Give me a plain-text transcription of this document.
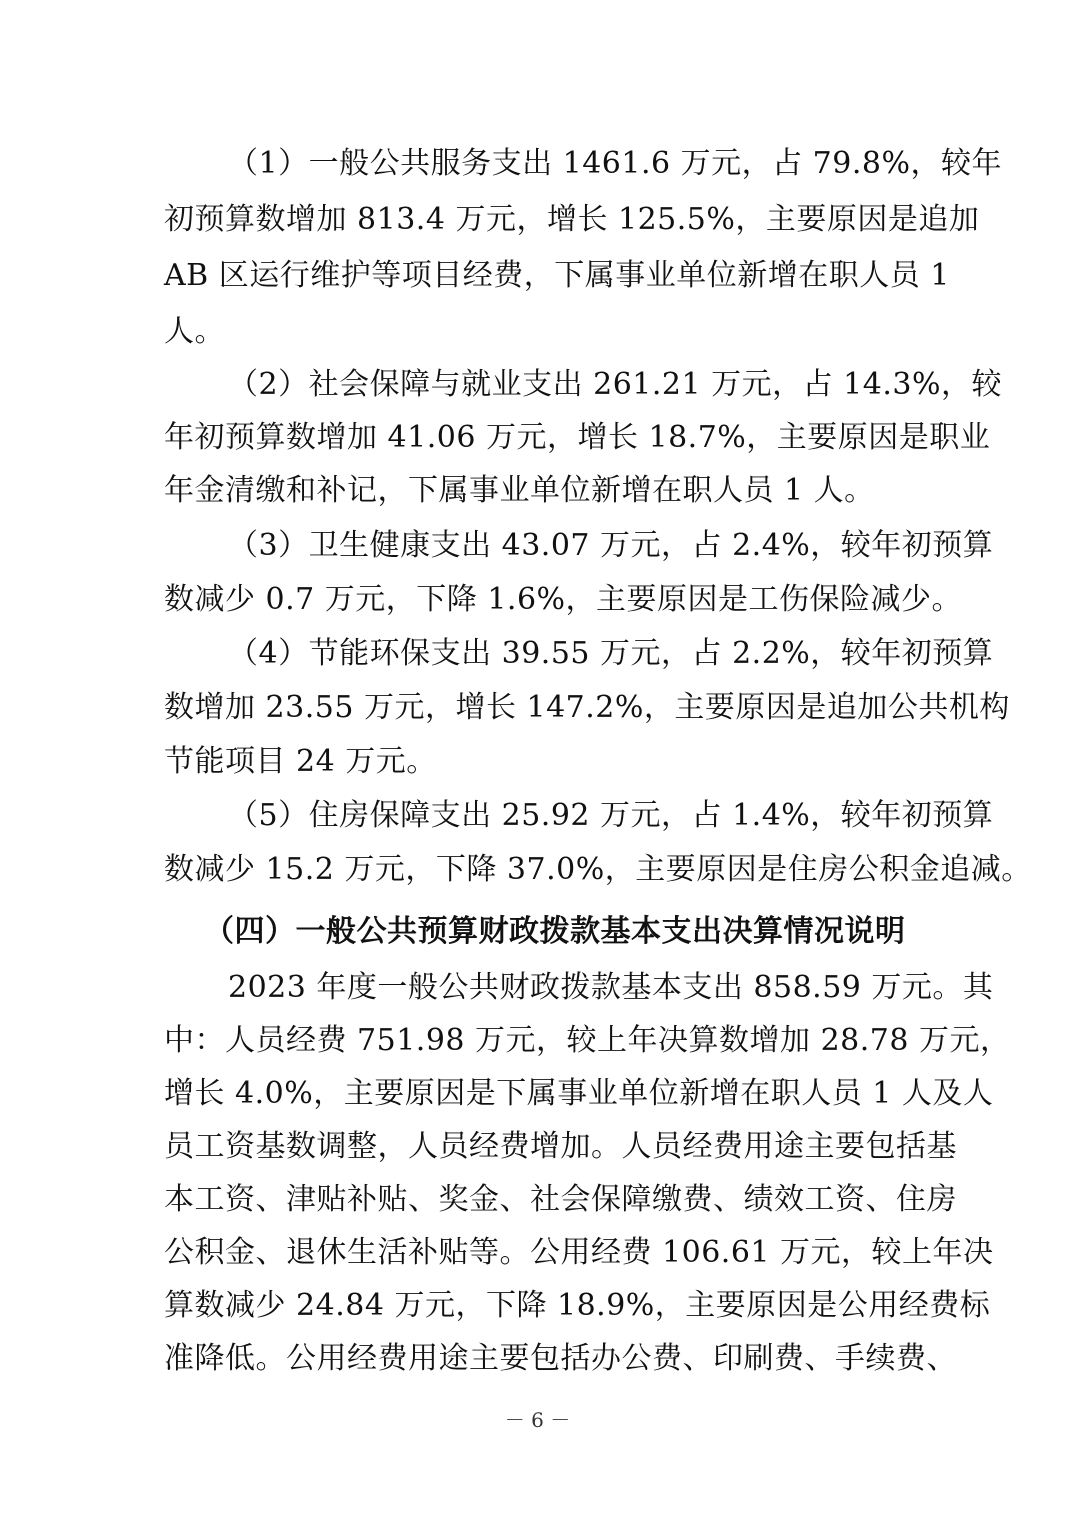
（1）一般公共服务支出 1461.6 万元，占 79.8%，较年
初预算数增加 813.4 万元，增长 125.5%，主要原因是追加
AB 区运行维护等项目经费，下属事业单位新增在职人员 1
人。
（2）社会保障与就业支出 261.21 万元，占 14.3%，较
年初预算数增加 41.06 万元，增长 18.7%，主要原因是职业
年金清缴和补记，下属事业单位新增在职人员 1 人。
（3）卫生健康支出 43.07 万元，占 2.4%，较年初预算
数减少 0.7 万元，下降 1.6%，主要原因是工伤保险减少。
（4）节能环保支出 39.55 万元，占 2.2%，较年初预算
数增加 23.55 万元，增长 147.2%，主要原因是追加公共机构
节能项目 24 万元。
（5）住房保障支出 25.92 万元，占 1.4%，较年初预算
数减少 15.2 万元，下降 37.0%，主要原因是住房公积金追减。
（四）一般公共预算财政拨款基本支出决算情况说明
2023 年度一般公共财政拨款基本支出 858.59 万元。其
中：人员经费 751.98 万元，较上年决算数增加 28.78 万元，
增长 4.0%，主要原因是下属事业单位新增在职人员 1 人及人
员工资基数调整，人员经费增加。人员经费用途主要包括基
本工资、津贴补贴、奖金、社会保障缴费、绩效工资、住房
公积金、退休生活补贴等。公用经费 106.61 万元，较上年决
算数减少 24.84 万元，下降 18.9%，主要原因是公用经费标
准降低。公用经费用途主要包括办公费、印刷费、手续费、
－ 6 －
